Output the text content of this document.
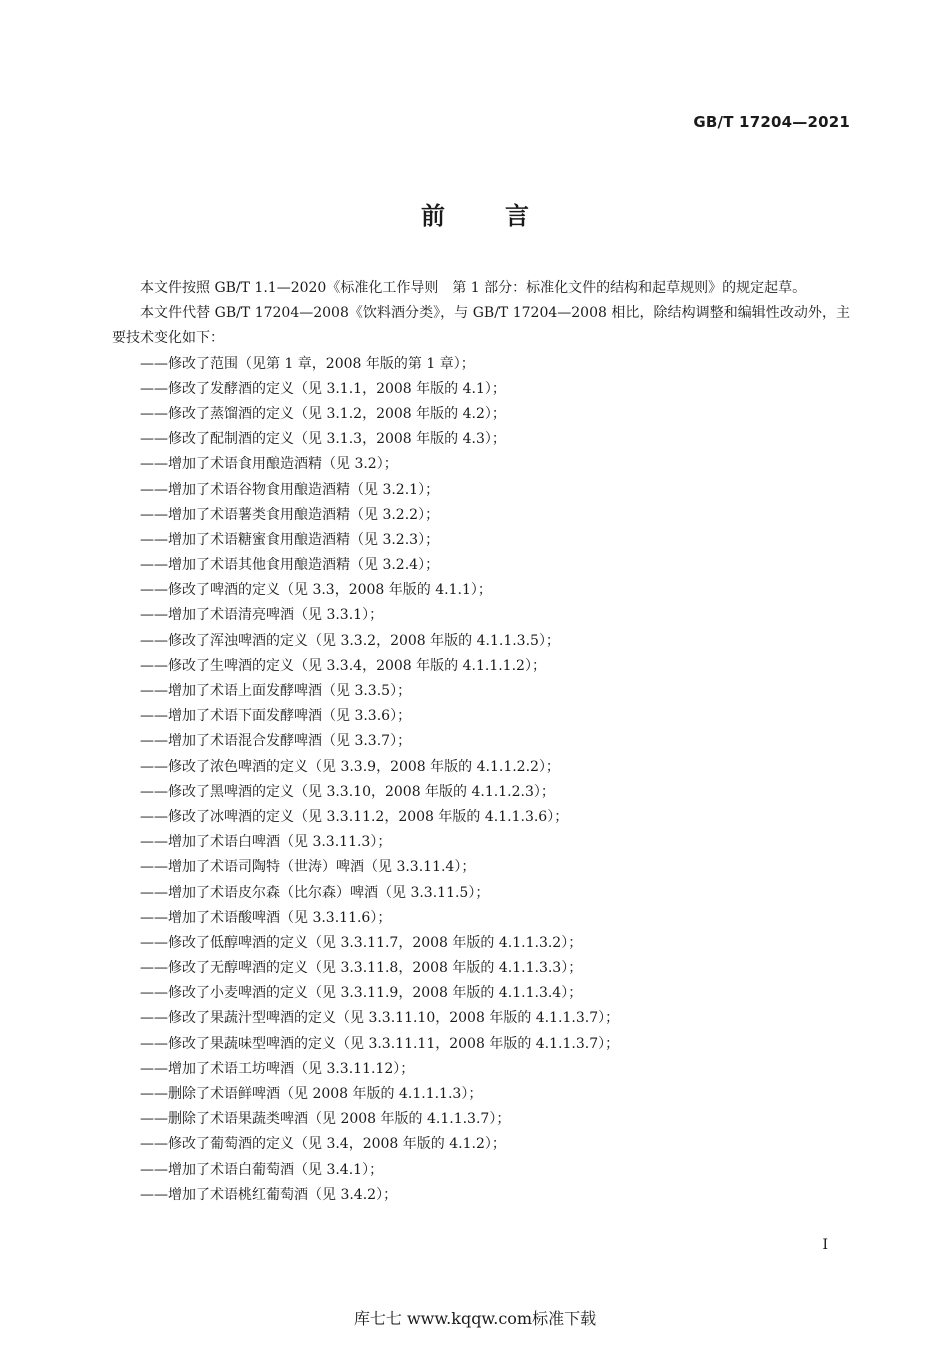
GB/T 17204—2021
前言

本文件按照 GB/T 1.1—2020《标准化工作导则　第 1 部分：标准化文件的结构和起草规则》的规定起草。

本文件代替 GB/T 17204—2008《饮料酒分类》，与 GB/T 17204—2008 相比，除结构调整和编辑性改动外，主要技术变化如下：

——修改了范围（见第 1 章，2008 年版的第 1 章）；
——修改了发酵酒的定义（见 3.1.1，2008 年版的 4.1）；
——修改了蒸馏酒的定义（见 3.1.2，2008 年版的 4.2）；
——修改了配制酒的定义（见 3.1.3，2008 年版的 4.3）；
——增加了术语食用酿造酒精（见 3.2）；
——增加了术语谷物食用酿造酒精（见 3.2.1）；
——增加了术语薯类食用酿造酒精（见 3.2.2）；
——增加了术语糖蜜食用酿造酒精（见 3.2.3）；
——增加了术语其他食用酿造酒精（见 3.2.4）；
——修改了啤酒的定义（见 3.3，2008 年版的 4.1.1）；
——增加了术语清亮啤酒（见 3.3.1）；
——修改了浑浊啤酒的定义（见 3.3.2，2008 年版的 4.1.1.3.5）；
——修改了生啤酒的定义（见 3.3.4，2008 年版的 4.1.1.1.2）；
——增加了术语上面发酵啤酒（见 3.3.5）；
——增加了术语下面发酵啤酒（见 3.3.6）；
——增加了术语混合发酵啤酒（见 3.3.7）；
——修改了浓色啤酒的定义（见 3.3.9，2008 年版的 4.1.1.2.2）；
——修改了黑啤酒的定义（见 3.3.10，2008 年版的 4.1.1.2.3）；
——修改了冰啤酒的定义（见 3.3.11.2，2008 年版的 4.1.1.3.6）；
——增加了术语白啤酒（见 3.3.11.3）；
——增加了术语司陶特（世涛）啤酒（见 3.3.11.4）；
——增加了术语皮尔森（比尔森）啤酒（见 3.3.11.5）；
——增加了术语酸啤酒（见 3.3.11.6）；
——修改了低醇啤酒的定义（见 3.3.11.7，2008 年版的 4.1.1.3.2）；
——修改了无醇啤酒的定义（见 3.3.11.8，2008 年版的 4.1.1.3.3）；
——修改了小麦啤酒的定义（见 3.3.11.9，2008 年版的 4.1.1.3.4）；
——修改了果蔬汁型啤酒的定义（见 3.3.11.10，2008 年版的 4.1.1.3.7）；
——修改了果蔬味型啤酒的定义（见 3.3.11.11，2008 年版的 4.1.1.3.7）；
——增加了术语工坊啤酒（见 3.3.11.12）；
——删除了术语鲜啤酒（见 2008 年版的 4.1.1.1.3）；
——删除了术语果蔬类啤酒（见 2008 年版的 4.1.1.3.7）；
——修改了葡萄酒的定义（见 3.4，2008 年版的 4.1.2）；
——增加了术语白葡萄酒（见 3.4.1）；
——增加了术语桃红葡萄酒（见 3.4.2）；
I
库七七 www.kqqw.com标准下载
